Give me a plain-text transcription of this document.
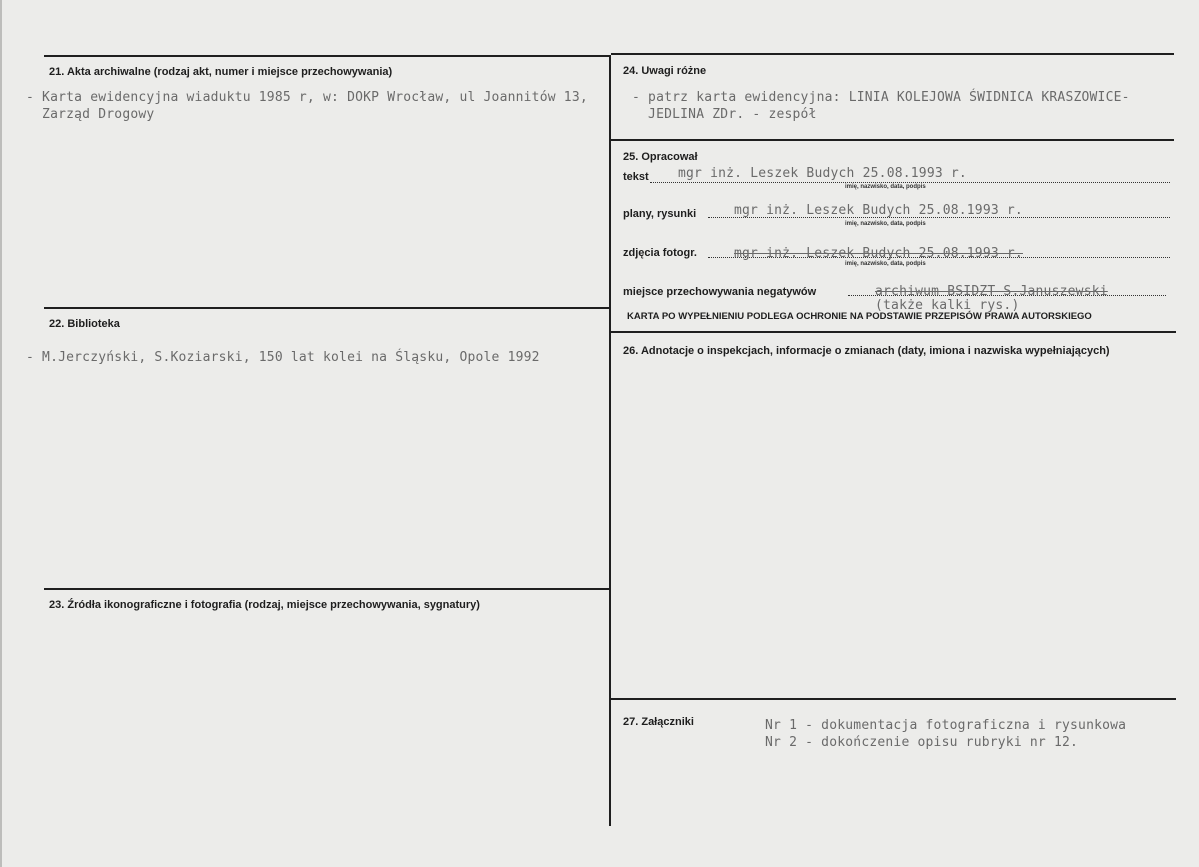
21. Akta archiwalne (rodzaj akt, numer i miejsce przechowywania)
- Karta ewidencyjna wiaduktu 1985 r, w: DOKP Wrocław, ul Joannitów 13,
Zarząd Drogowy
22. Biblioteka
- M.Jerczyński, S.Koziarski, 150 lat kolei na Śląsku, Opole 1992
23. Źródła ikonograficzne i fotografia (rodzaj, miejsce przechowywania, sygnatury)
24. Uwagi różne
- patrz karta ewidencyjna: LINIA KOLEJOWA ŚWIDNICA KRASZOWICE-
JEDLINA ZDr. - zespół
25. Opracował
tekst mgr inż. Leszek Budych 25.08.1993 r.
imię, nazwisko, data, podpis
plany, rysunki	mgr inż. Leszek Budych 25.08.1993 r.
imię, nazwisko, data, podpis
zdjęcia fotogr.	mgr inż. Leszek Budych 25.08.1993 r.
imię, nazwisko, data, podpis
miejsce przechowywania negatywów	archiwum BSIDZT S.Januszewski
(także kalki rys.)
KARTA PO WYPEŁNIENIU PODLEGA OCHRONIE NA PODSTAWIE PRZEPISÓW PRAWA AUTORSKIEGO
26. Adnotacje o inspekcjach, informacje o zmianach (daty, imiona i nazwiska wypełniających)
27. Załączniki	Nr 1 - dokumentacja fotograficzna i rysunkowa
Nr 2 - dokończenie opisu rubryki nr 12.
